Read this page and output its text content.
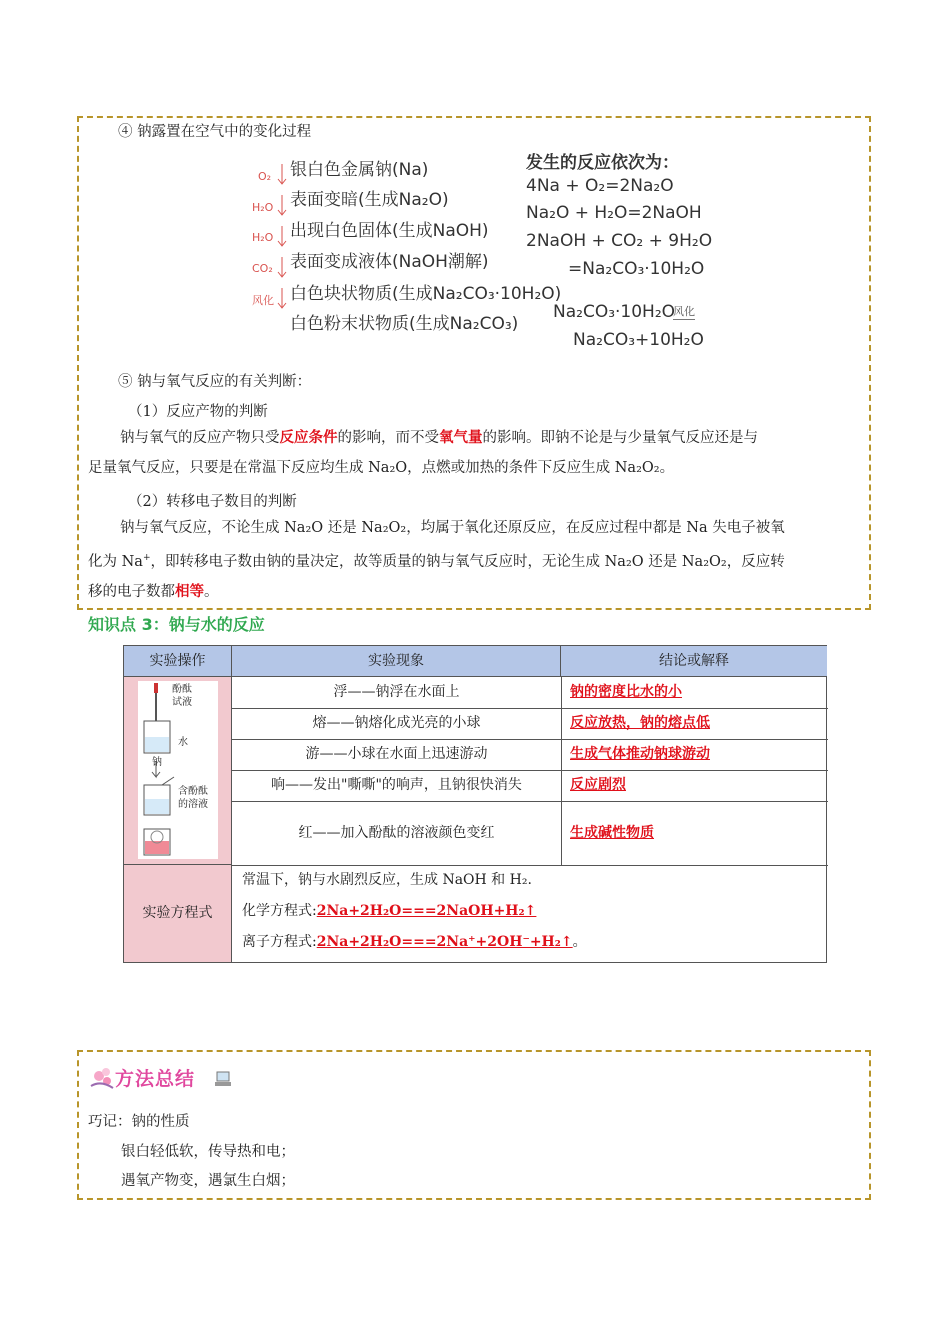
④ 钠露置在空气中的变化过程
银白色金属钠(Na)
表面变暗(生成Na₂O)
出现白色固体(生成NaOH)
表面变成液体(NaOH潮解)
白色块状物质(生成Na₂CO₃·10H₂O)
白色粉末状物质(生成Na₂CO₃)
O₂
H₂O
H₂O
CO₂
风化
发生的反应依次为：
4Na + O₂=2Na₂O
Na₂O + H₂O=2NaOH
2NaOH + CO₂ + 9H₂O
=Na₂CO₃·10H₂O
Na₂CO₃·10H₂O
风化
Na₂CO₃+10H₂O
⑤ 钠与氧气反应的有关判断：
（1）反应产物的判断
钠与氧气的反应产物只受反应条件的影响，而不受氧气量的影响。即钠不论是与少量氧气反应还是与
足量氧气反应，只要是在常温下反应均生成 Na₂O，点燃或加热的条件下反应生成 Na₂O₂。
（2）转移电子数目的判断
钠与氧气反应，不论生成 Na₂O 还是 Na₂O₂，均属于氧化还原反应，在反应过程中都是 Na 失电子被氧
化为 Na+，即转移电子数由钠的量决定，故等质量的钠与氧气反应时，无论生成 Na₂O 还是 Na₂O₂，反应转
移的电子数都相等。
知识点 3：钠与水的反应
实验操作	实验现象	结论或解释
酚酞
试液
水
钠
含酚酞
的溶液
浮——钠浮在水面上	钠的密度比水的小
熔——钠熔化成光亮的小球	反应放热，钠的熔点低
游——小球在水面上迅速游动	生成气体推动钠球游动
响——发出"嘶嘶"的响声，且钠很快消失	反应剧烈
红——加入酚酞的溶液颜色变红	生成碱性物质
实验方程式
常温下，钠与水剧烈反应，生成 NaOH 和 H₂.
化学方程式:2Na+2H₂O===2NaOH+H₂↑
离子方程式:2Na+2H₂O===2Na⁺+2OH⁻+H₂↑。
方法总结
巧记：钠的性质
银白轻低软，传导热和电；
遇氧产物变，遇氯生白烟；
